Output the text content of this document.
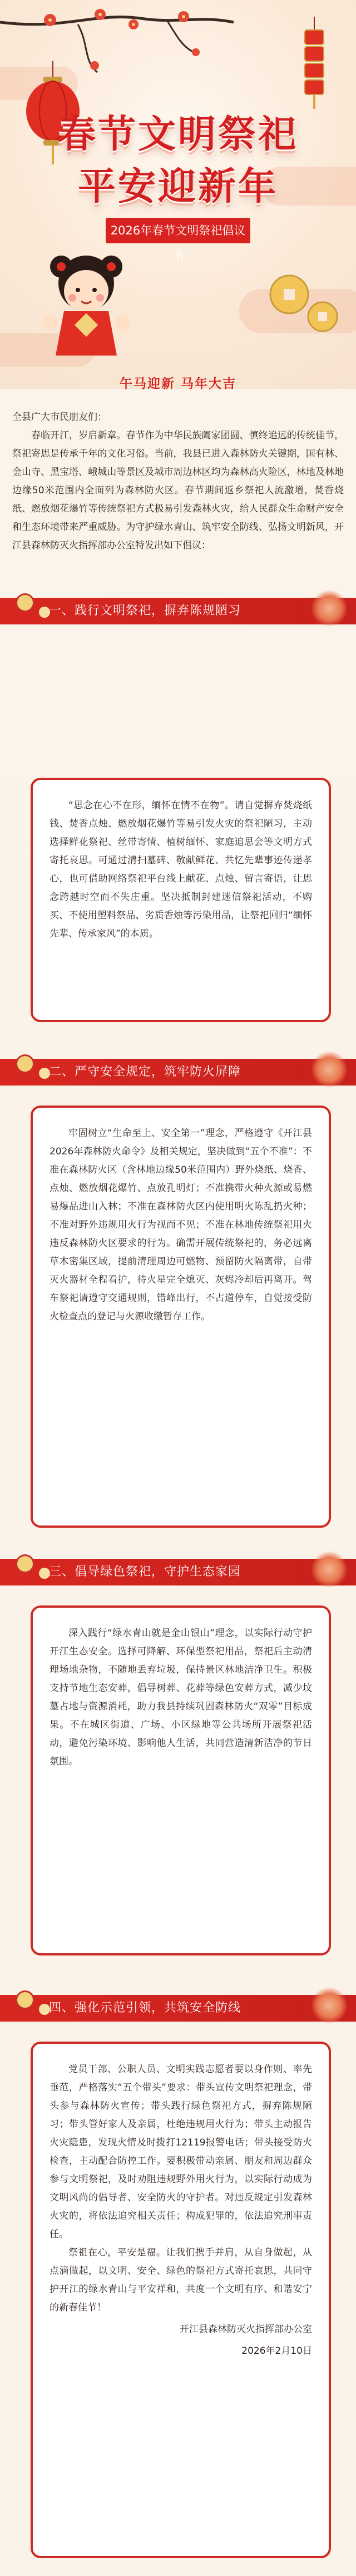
春节文明祭祀
平安迎新年
2026年春节文明祭祀倡议书
午马迎新 马年大吉

全县广大市民朋友们：

春临开江，岁启新章。春节作为中华民族阖家团圆、慎终追远的传统佳节，祭祀寄思是传承千年的文化习俗。当前，我县已进入森林防火关键期，国有林、金山寺、黑宝塔、峨城山等景区及城市周边林区均为森林高火险区，林地及林地边缘50米范围内全面列为森林防火区。春节期间返乡祭祀人流激增，焚香烧纸、燃放烟花爆竹等传统祭祀方式极易引发森林火灾，给人民群众生命财产安全和生态环境带来严重威胁。为守护绿水青山、筑牢安全防线、弘扬文明新风，开江县森林防灭火指挥部办公室特发出如下倡议：

一、践行文明祭祀，摒弃陈规陋习

“思念在心不在形，缅怀在情不在物”。请自觉摒弃焚烧纸钱、焚香点烛、燃放烟花爆竹等易引发火灾的祭祀陋习，主动选择鲜花祭祀、丝带寄情、植树缅怀、家庭追思会等文明方式寄托哀思。可通过清扫墓碑、敬献鲜花、共忆先辈事迹传递孝心，也可借助网络祭祀平台线上献花、点烛、留言寄语，让思念跨越时空而不失庄重。坚决抵制封建迷信祭祀活动，不购买、不使用塑料祭品、劣质香烛等污染用品，让祭祀回归“缅怀先辈、传承家风”的本质。

二、严守安全规定，筑牢防火屏障

牢固树立“生命至上、安全第一”理念，严格遵守《开江县2026年森林防火命令》及相关规定，坚决做到“五个不准”：不准在森林防火区（含林地边缘50米范围内）野外烧纸、烧香、点烛、燃放烟花爆竹、点放孔明灯；不准携带火种火源或易燃易爆品进山入林；不准在森林防火区内使用明火陈乱扔火种；不准对野外违规用火行为视而不见；不准在林地传统祭祀用火违反森林防火区要求的行为。确需开展传统祭祀的，务必远离草木密集区域，提前清理周边可燃物、预留防火隔离带，自带灭火器材全程看护，待火星完全熄灭、灰烬冷却后再离开。驾车祭祀请遵守交通规则，错峰出行，不占道停车，自觉接受防火检查点的登记与火源收缴暂存工作。

三、倡导绿色祭祀，守护生态家园

深入践行“绿水青山就是金山银山”理念，以实际行动守护开江生态安全。选择可降解、环保型祭祀用品，祭祀后主动清理场地杂物，不随地丢弃垃圾，保持景区林地洁净卫生。积极支持节地生态安葬，倡导树葬、花葬等绿色安葬方式，减少坟墓占地与资源消耗，助力我县持续巩固森林防火“双零”目标成果。不在城区街道、广场、小区绿地等公共场所开展祭祀活动，避免污染环境、影响他人生活，共同营造清新洁净的节日氛围。

四、强化示范引领，共筑安全防线

党员干部、公职人员、文明实践志愿者要以身作则、率先垂范，严格落实“五个带头”要求：带头宣传文明祭祀理念，带头参与森林防火宣传；带头践行绿色祭祀方式，摒弃陈规陋习；带头管好家人及亲属，杜绝违规用火行为；带头主动报告火灾隐患，发现火情及时拨打12119报警电话；带头接受防火检查，主动配合防控工作。要积极带动亲属、朋友和周边群众参与文明祭祀，及时劝阻违规野外用火行为，以实际行动成为文明风尚的倡导者、安全防火的守护者。对违反规定引发森林火灾的，将依法追究相关责任；构成犯罪的，依法追究刑事责任。

祭祖在心，平安是福。让我们携手并肩，从自身做起，从点滴做起，以文明、安全、绿色的祭祀方式寄托哀思，共同守护开江的绿水青山与平安祥和，共度一个文明有序、和谐安宁的新春佳节！

开江县森林防灭火指挥部办公室

2026年2月10日
